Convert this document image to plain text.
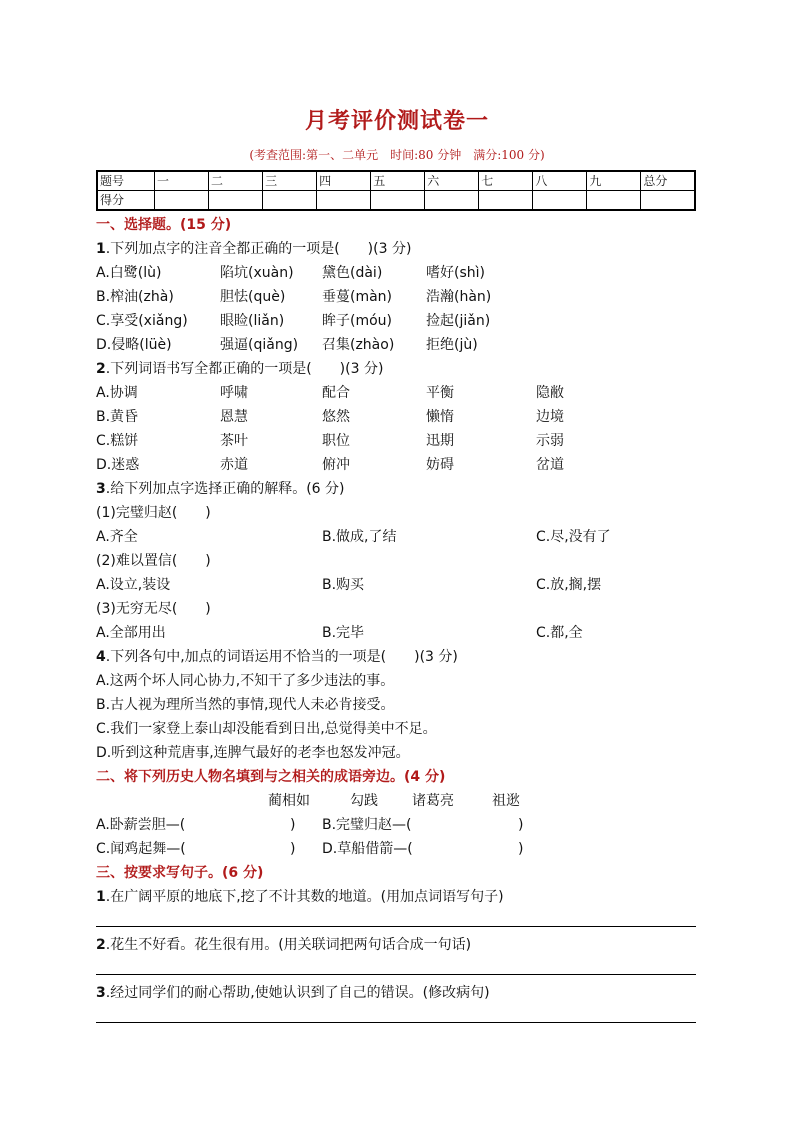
月考评价测试卷一
(考查范围:第一、二单元　时间:80 分钟　满分:100 分)
题号	一	二	三	四	五	六	七	八	九	总分
得分										
一、选择题。(15 分)
1.下列加点字的注音全都正确的一项是(　　)(3 分)
A.白鹭(lù)	陷坑(xuàn) 黛色(dài)	嗜好(shì)
B.榨油(zhà)	胆怯(què)	垂蔓(màn) 浩瀚(hàn)
C.享受(xiǎng) 眼睑(liǎn)	眸子(móu) 捡起(jiǎn)
D.侵略(lüè)	强逼(qiǎng) 召集(zhào) 拒绝(jù)
2.下列词语书写全都正确的一项是(　　)(3 分)
A.协调	呼啸	配合	平衡	隐敝
B.黄昏	恩慧	悠然	懒惰	边境
C.糕饼	茶叶	职位	迅期	示弱
D.迷惑	赤道	俯冲	妨碍	岔道
3.给下列加点字选择正确的解释。(6 分)
(1)完璧归赵(　　)
A.齐全	B.做成,了结	C.尽,没有了
(2)难以置信(　　)
A.设立,装设	B.购买	C.放,搁,摆
(3)无穷无尽(　　)
A.全部用出	B.完毕	C.都,全
4.下列各句中,加点的词语运用不恰当的一项是(　　)(3 分)
A.这两个坏人同心协力,不知干了多少违法的事。
B.古人视为理所当然的事情,现代人未必肯接受。
C.我们一家登上泰山却没能看到日出,总觉得美中不足。
D.听到这种荒唐事,连脾气最好的老李也怒发冲冠。
二、将下列历史人物名填到与之相关的成语旁边。(4 分)
蔺相如	勾践 诸葛亮	祖逖
A.卧薪尝胆—(	) B.完璧归赵—(	)
C.闻鸡起舞—(	) D.草船借箭—(	)
三、按要求写句子。(6 分)
1.在广阔平原的地底下,挖了不计其数的地道。(用加点词语写句子)
2.花生不好看。花生很有用。(用关联词把两句话合成一句话)
3.经过同学们的耐心帮助,使她认识到了自己的错误。(修改病句)
